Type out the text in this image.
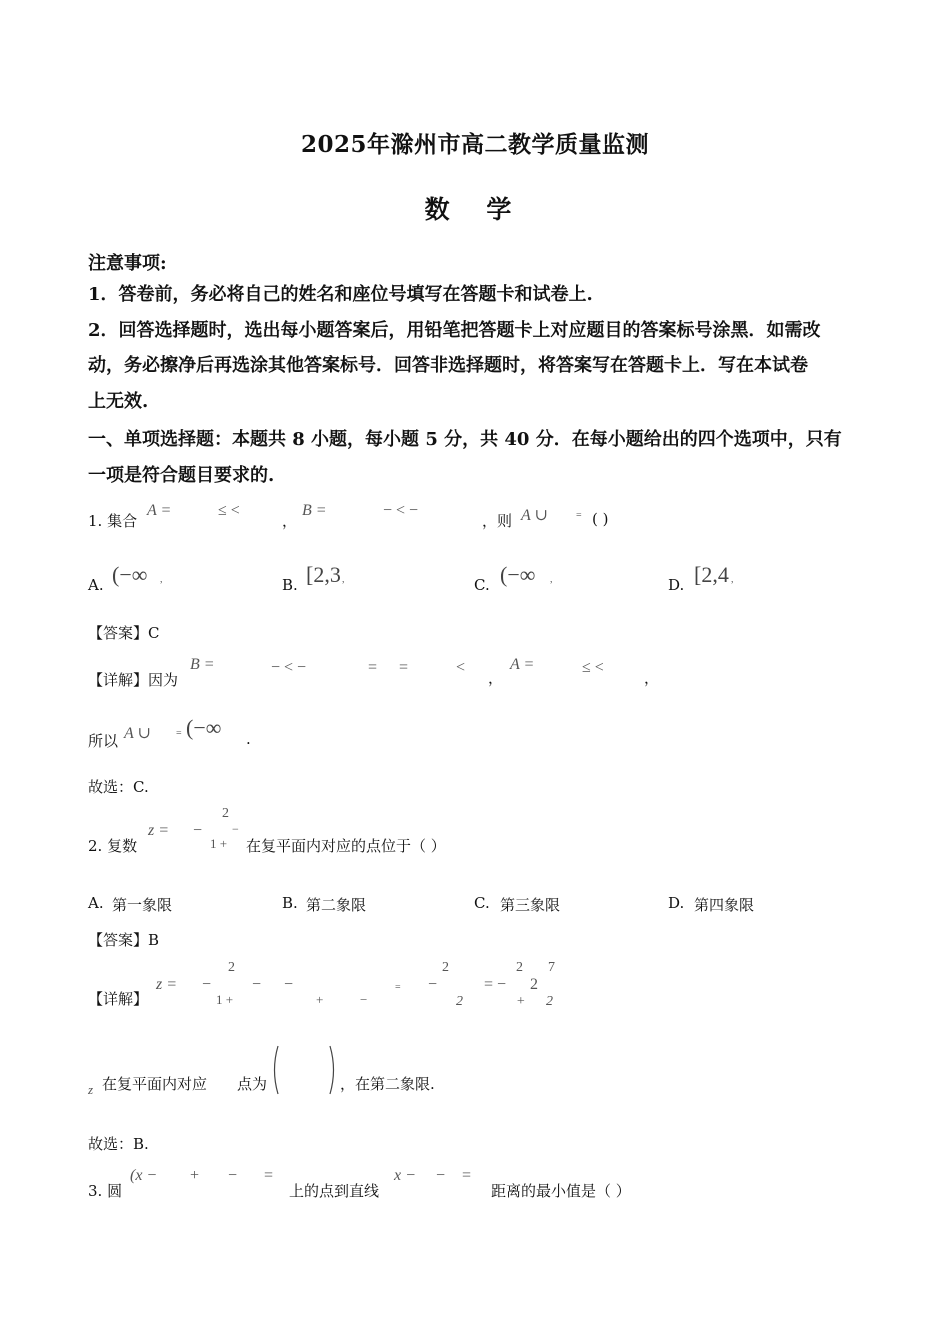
2025年滁州市高二教学质量监测
数 学
注意事项:
1．答卷前，务必将自己的姓名和座位号填写在答题卡和试卷上.
2．回答选择题时，选出每小题答案后，用铅笔把答题卡上对应题目的答案标号涂黑．如需改
动，务必擦净后再选涂其他答案标号．回答非选择题时，将答案写在答题卡上．写在本试卷
上无效.
一、单项选择题：本题共 8 小题，每小题 5 分，共 40 分．在每小题给出的四个选项中，只有
一项是符合题目要求的.
1. 集合
A =	≤ <
，
B =	− < −
，则 A ∪	= ( )
A. (−∞ ,	B. [2,3 ,	C. (−∞ ,	D. [2,4 ,
【答案】C
【详解】因为
B =	− < −	= =	<
，
A =	≤ <
，
所以 A ∪	= (−∞ .
故选：C.
2
2. 复数
z = − −
1 + 在复平面内对应的点位于（ ）
A. 第一象限	B. 第二象限	C. 第三象限	D. 第四象限
【答案】B
2	2	2 7
【详解】
z = −
1 +
− −
+	−
= −
2
= −
+
2
2
z 在复平面内对应 点为	，在第二象限.
故选：B.
3. 圆
(x − + − =
上的点到直线
x − − =
距离的最小值是（ ）
